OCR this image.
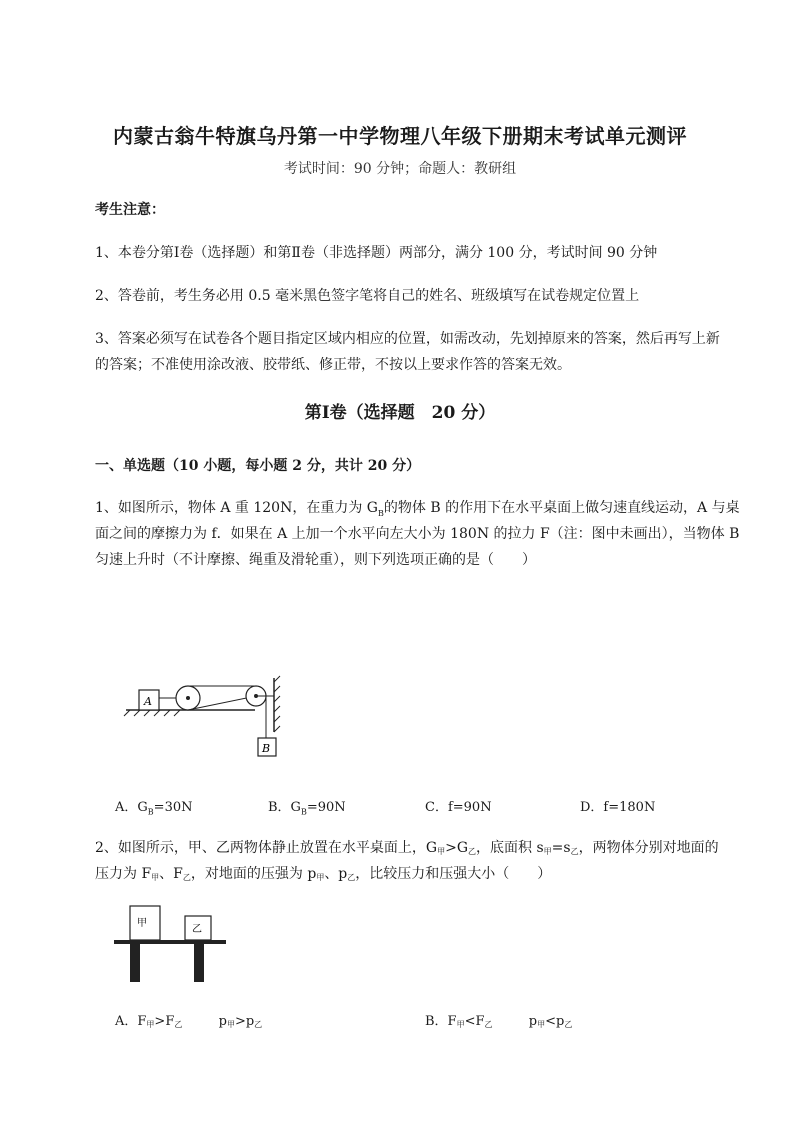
内蒙古翁牛特旗乌丹第一中学物理八年级下册期末考试单元测评
考试时间：90 分钟；命题人：教研组
考生注意：
1、本卷分第Ⅰ卷（选择题）和第Ⅱ卷（非选择题）两部分，满分 100 分，考试时间 90 分钟
2、答卷前，考生务必用 0.5 毫米黑色签字笔将自己的姓名、班级填写在试卷规定位置上
3、答案必须写在试卷各个题目指定区域内相应的位置，如需改动，先划掉原来的答案，然后再写上新
的答案；不准使用涂改液、胶带纸、修正带，不按以上要求作答的答案无效。
第Ⅰ卷（选择题　20 分）
一、单选题（10 小题，每小题 2 分，共计 20 分）
1、如图所示，物体 A 重 120N，在重力为 $G_B$的物体 B 的作用下在水平桌面上做匀速直线运动，A 与桌
面之间的摩擦力为 f．如果在 A 上加一个水平向左大小为 180N 的拉力 F（注：图中未画出），当物体 B
匀速上升时（不计摩擦、绳重及滑轮重），则下列选项正确的是（　　）
A
B
A．$G_B=30N$	B．$G_B=90N$	C．f=90N	D．f=180N
2、如图所示，甲、乙两物体静止放置在水平桌面上，G甲>G乙，底面积 s甲=s乙，两物体分别对地面的
压力为 F甲、F乙，对地面的压强为 p甲、p乙，比较压力和压强大小（　　）
甲
乙
A．F甲>F乙	p甲>p乙	B．F甲<F乙	p甲<p乙
